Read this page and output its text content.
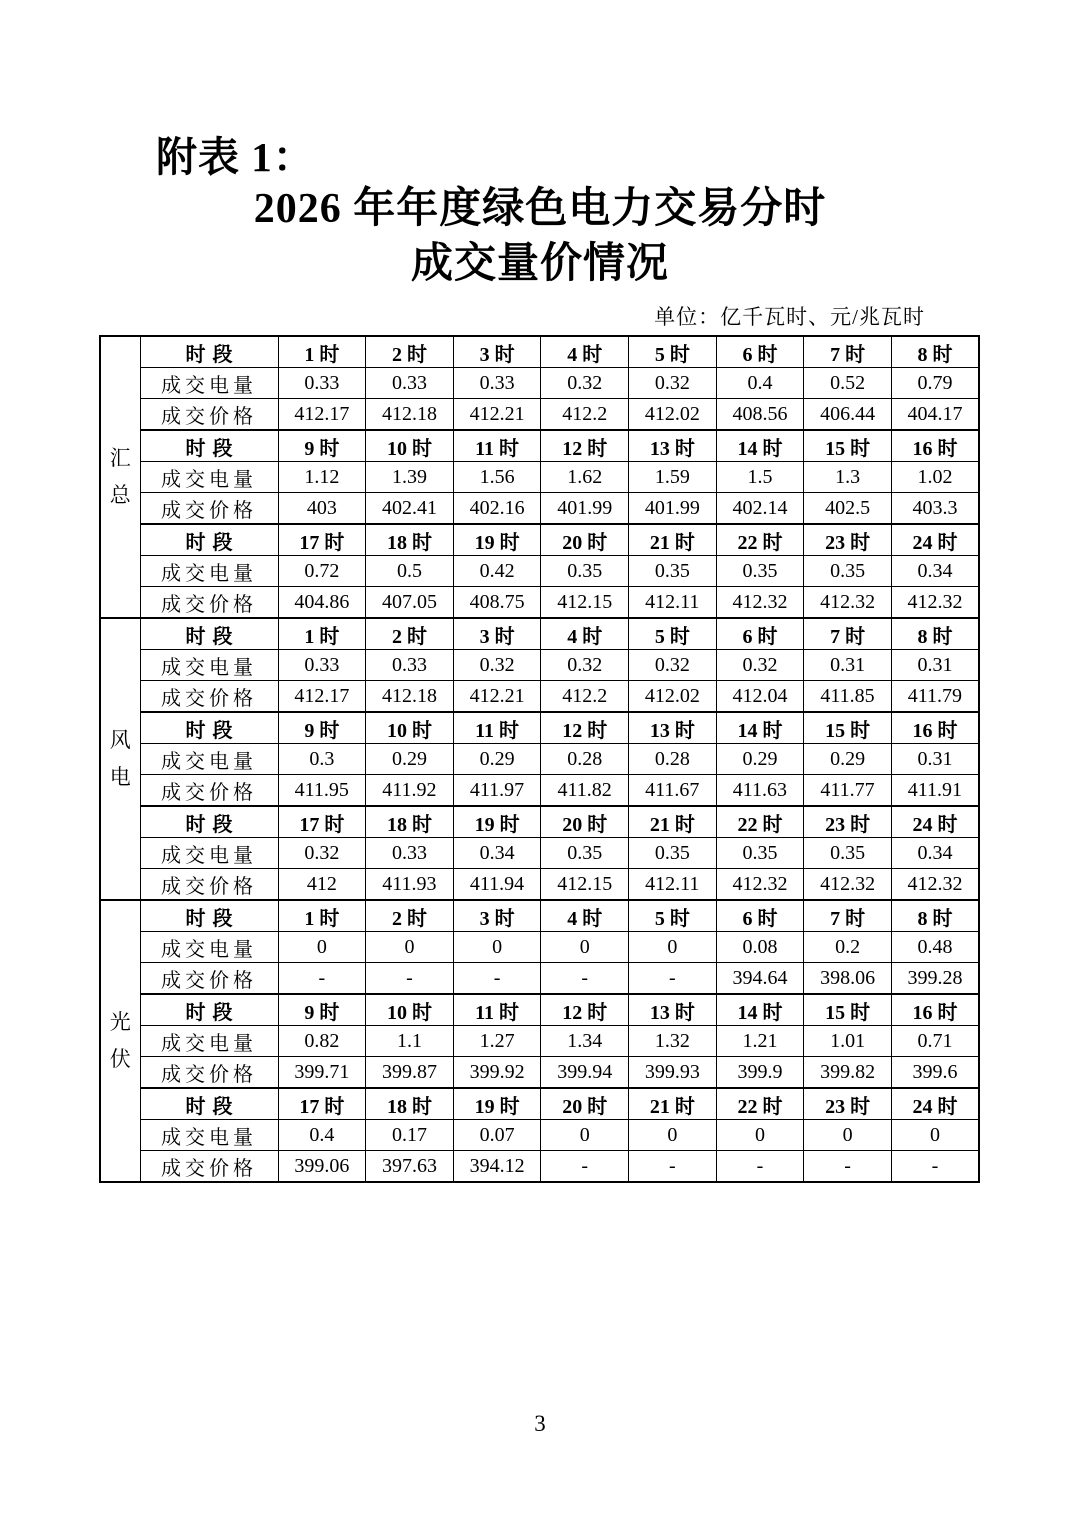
附表 1：
2026 年年度绿色电力交易分时
成交量价情况
单位：亿千瓦时、元/兆瓦时
汇
总	时段	1 时	2 时	3 时	4 时	5 时	6 时	7 时	8 时
	成交电量	0.33	0.33	0.33	0.32	0.32	0.4	0.52	0.79
	成交价格	412.17	412.18	412.21	412.2	412.02	408.56	406.44	404.17
	时段	9 时	10 时	11 时	12 时	13 时	14 时	15 时	16 时
	成交电量	1.12	1.39	1.56	1.62	1.59	1.5	1.3	1.02
	成交价格	403	402.41	402.16	401.99	401.99	402.14	402.5	403.3
	时段	17 时	18 时	19 时	20 时	21 时	22 时	23 时	24 时
	成交电量	0.72	0.5	0.42	0.35	0.35	0.35	0.35	0.34
	成交价格	404.86	407.05	408.75	412.15	412.11	412.32	412.32	412.32

风
电	时段	1 时	2 时	3 时	4 时	5 时	6 时	7 时	8 时
	成交电量	0.33	0.33	0.32	0.32	0.32	0.32	0.31	0.31
	成交价格	412.17	412.18	412.21	412.2	412.02	412.04	411.85	411.79
	时段	9 时	10 时	11 时	12 时	13 时	14 时	15 时	16 时
	成交电量	0.3	0.29	0.29	0.28	0.28	0.29	0.29	0.31
	成交价格	411.95	411.92	411.97	411.82	411.67	411.63	411.77	411.91
	时段	17 时	18 时	19 时	20 时	21 时	22 时	23 时	24 时
	成交电量	0.32	0.33	0.34	0.35	0.35	0.35	0.35	0.34
	成交价格	412	411.93	411.94	412.15	412.11	412.32	412.32	412.32

光
伏	时段	1 时	2 时	3 时	4 时	5 时	6 时	7 时	8 时
	成交电量	0	0	0	0	0	0.08	0.2	0.48
	成交价格	-	-	-	-	-	394.64	398.06	399.28
	时段	9 时	10 时	11 时	12 时	13 时	14 时	15 时	16 时
	成交电量	0.82	1.1	1.27	1.34	1.32	1.21	1.01	0.71
	成交价格	399.71	399.87	399.92	399.94	399.93	399.9	399.82	399.6
	时段	17 时	18 时	19 时	20 时	21 时	22 时	23 时	24 时
	成交电量	0.4	0.17	0.07	0	0	0	0	0
	成交价格	399.06	397.63	394.12	-	-	-	-	-
3
